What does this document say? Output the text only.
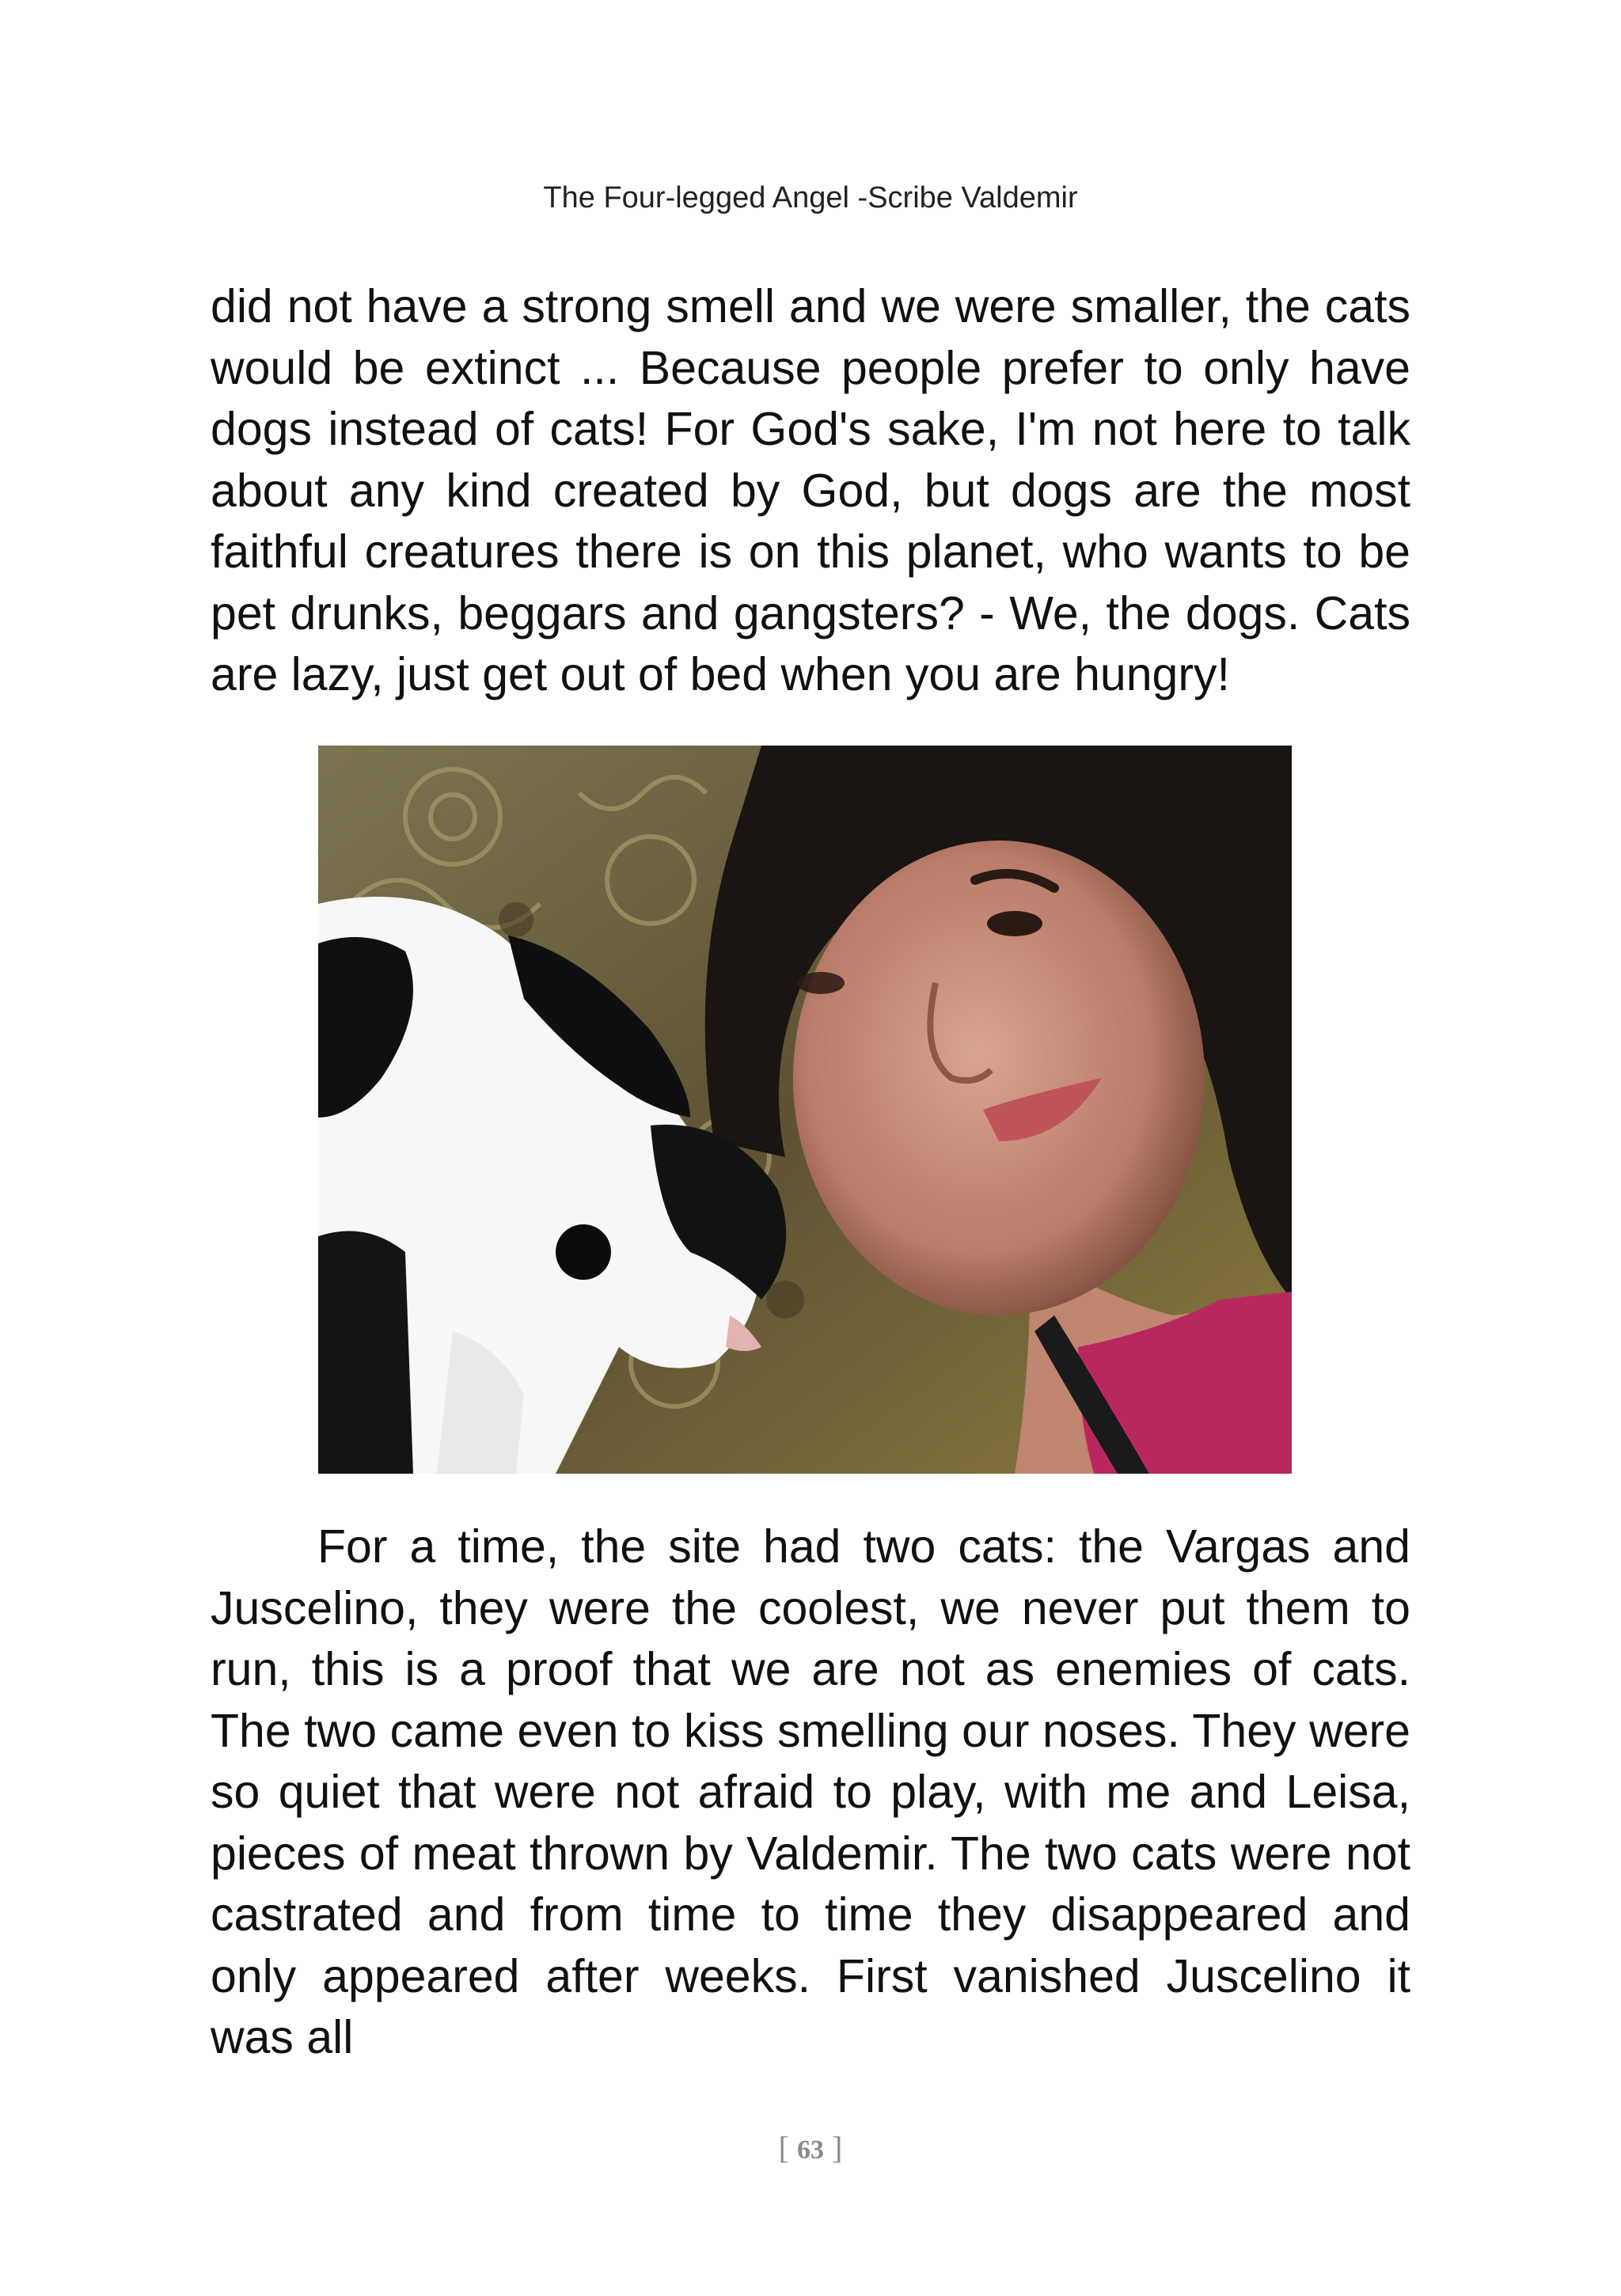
The Four-legged Angel -Scribe Valdemir

did not have a strong smell and we were smaller, the cats would be extinct ... Because people prefer to only have dogs instead of cats! For God's sake, I'm not here to talk about any kind created by God, but dogs are the most faithful creatures there is on this planet, who wants to be pet drunks, beggars and gangsters? - We, the dogs. Cats are lazy, just get out of bed when you are hungry!

For a time, the site had two cats: the Vargas and Juscelino, they were the coolest, we never put them to run, this is a proof that we are not as enemies of cats. The two came even to kiss smelling our noses. They were so quiet that were not afraid to play, with me and Leisa, pieces of meat thrown by Valdemir. The two cats were not castrated and from time to time they disappeared and only appeared after weeks. First vanished Juscelino it was all

[ 63 ]
